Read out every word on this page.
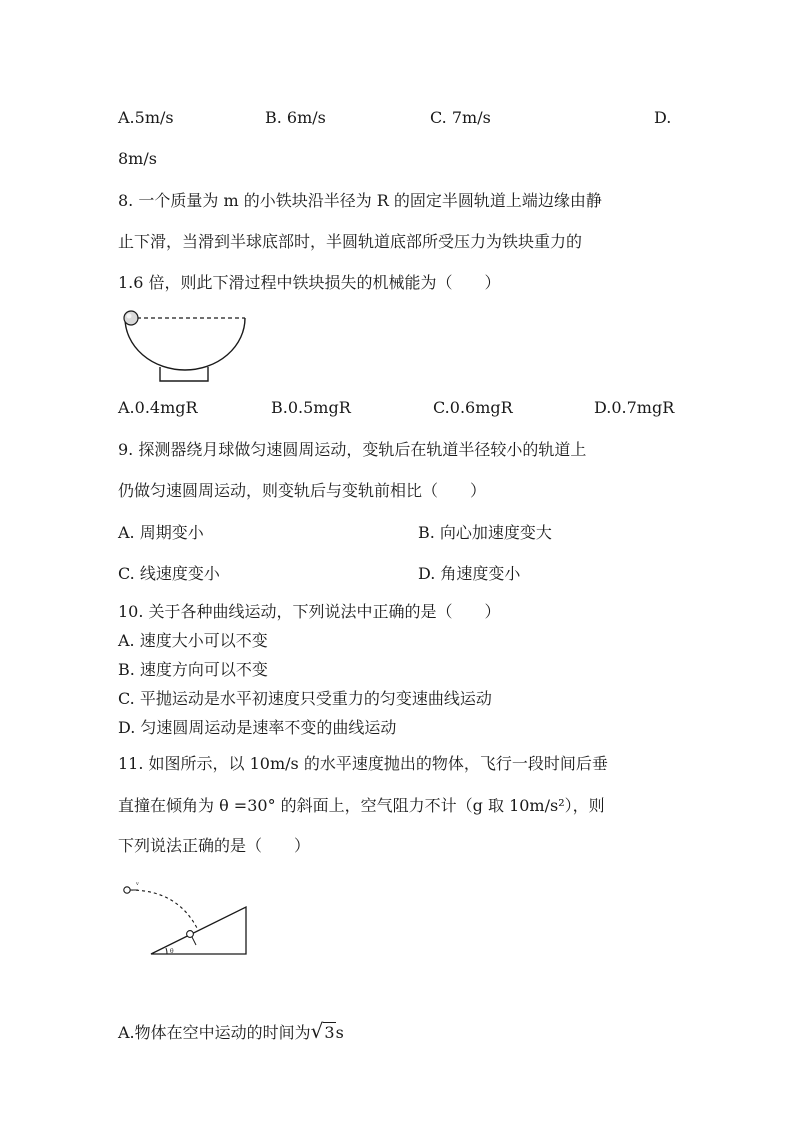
A.5m/s	B. 6m/s	C. 7m/s	D.
8m/s
8. 一个质量为 m 的小铁块沿半径为 R 的固定半圆轨道上端边缘由静
止下滑，当滑到半球底部时，半圆轨道底部所受压力为铁块重力的
1.6 倍，则此下滑过程中铁块损失的机械能为（　　）
A.0.4mgR	B.0.5mgR	C.0.6mgR	D.0.7mgR
9. 探测器绕月球做匀速圆周运动，变轨后在轨道半径较小的轨道上
仍做匀速圆周运动，则变轨后与变轨前相比（　　）
A. 周期变小	B. 向心加速度变大
C. 线速度变小	D. 角速度变小
10. 关于各种曲线运动，下列说法中正确的是（　　）
A. 速度大小可以不变
B. 速度方向可以不变
C. 平抛运动是水平初速度只受重力的匀变速曲线运动
D. 匀速圆周运动是速率不变的曲线运动
11. 如图所示，以 10m/s 的水平速度抛出的物体，飞行一段时间后垂
直撞在倾角为 θ =30° 的斜面上，空气阻力不计（g 取 10m/s²），则
下列说法正确的是（　　）
v
θ
A.物体在空中运动的时间为√3s
